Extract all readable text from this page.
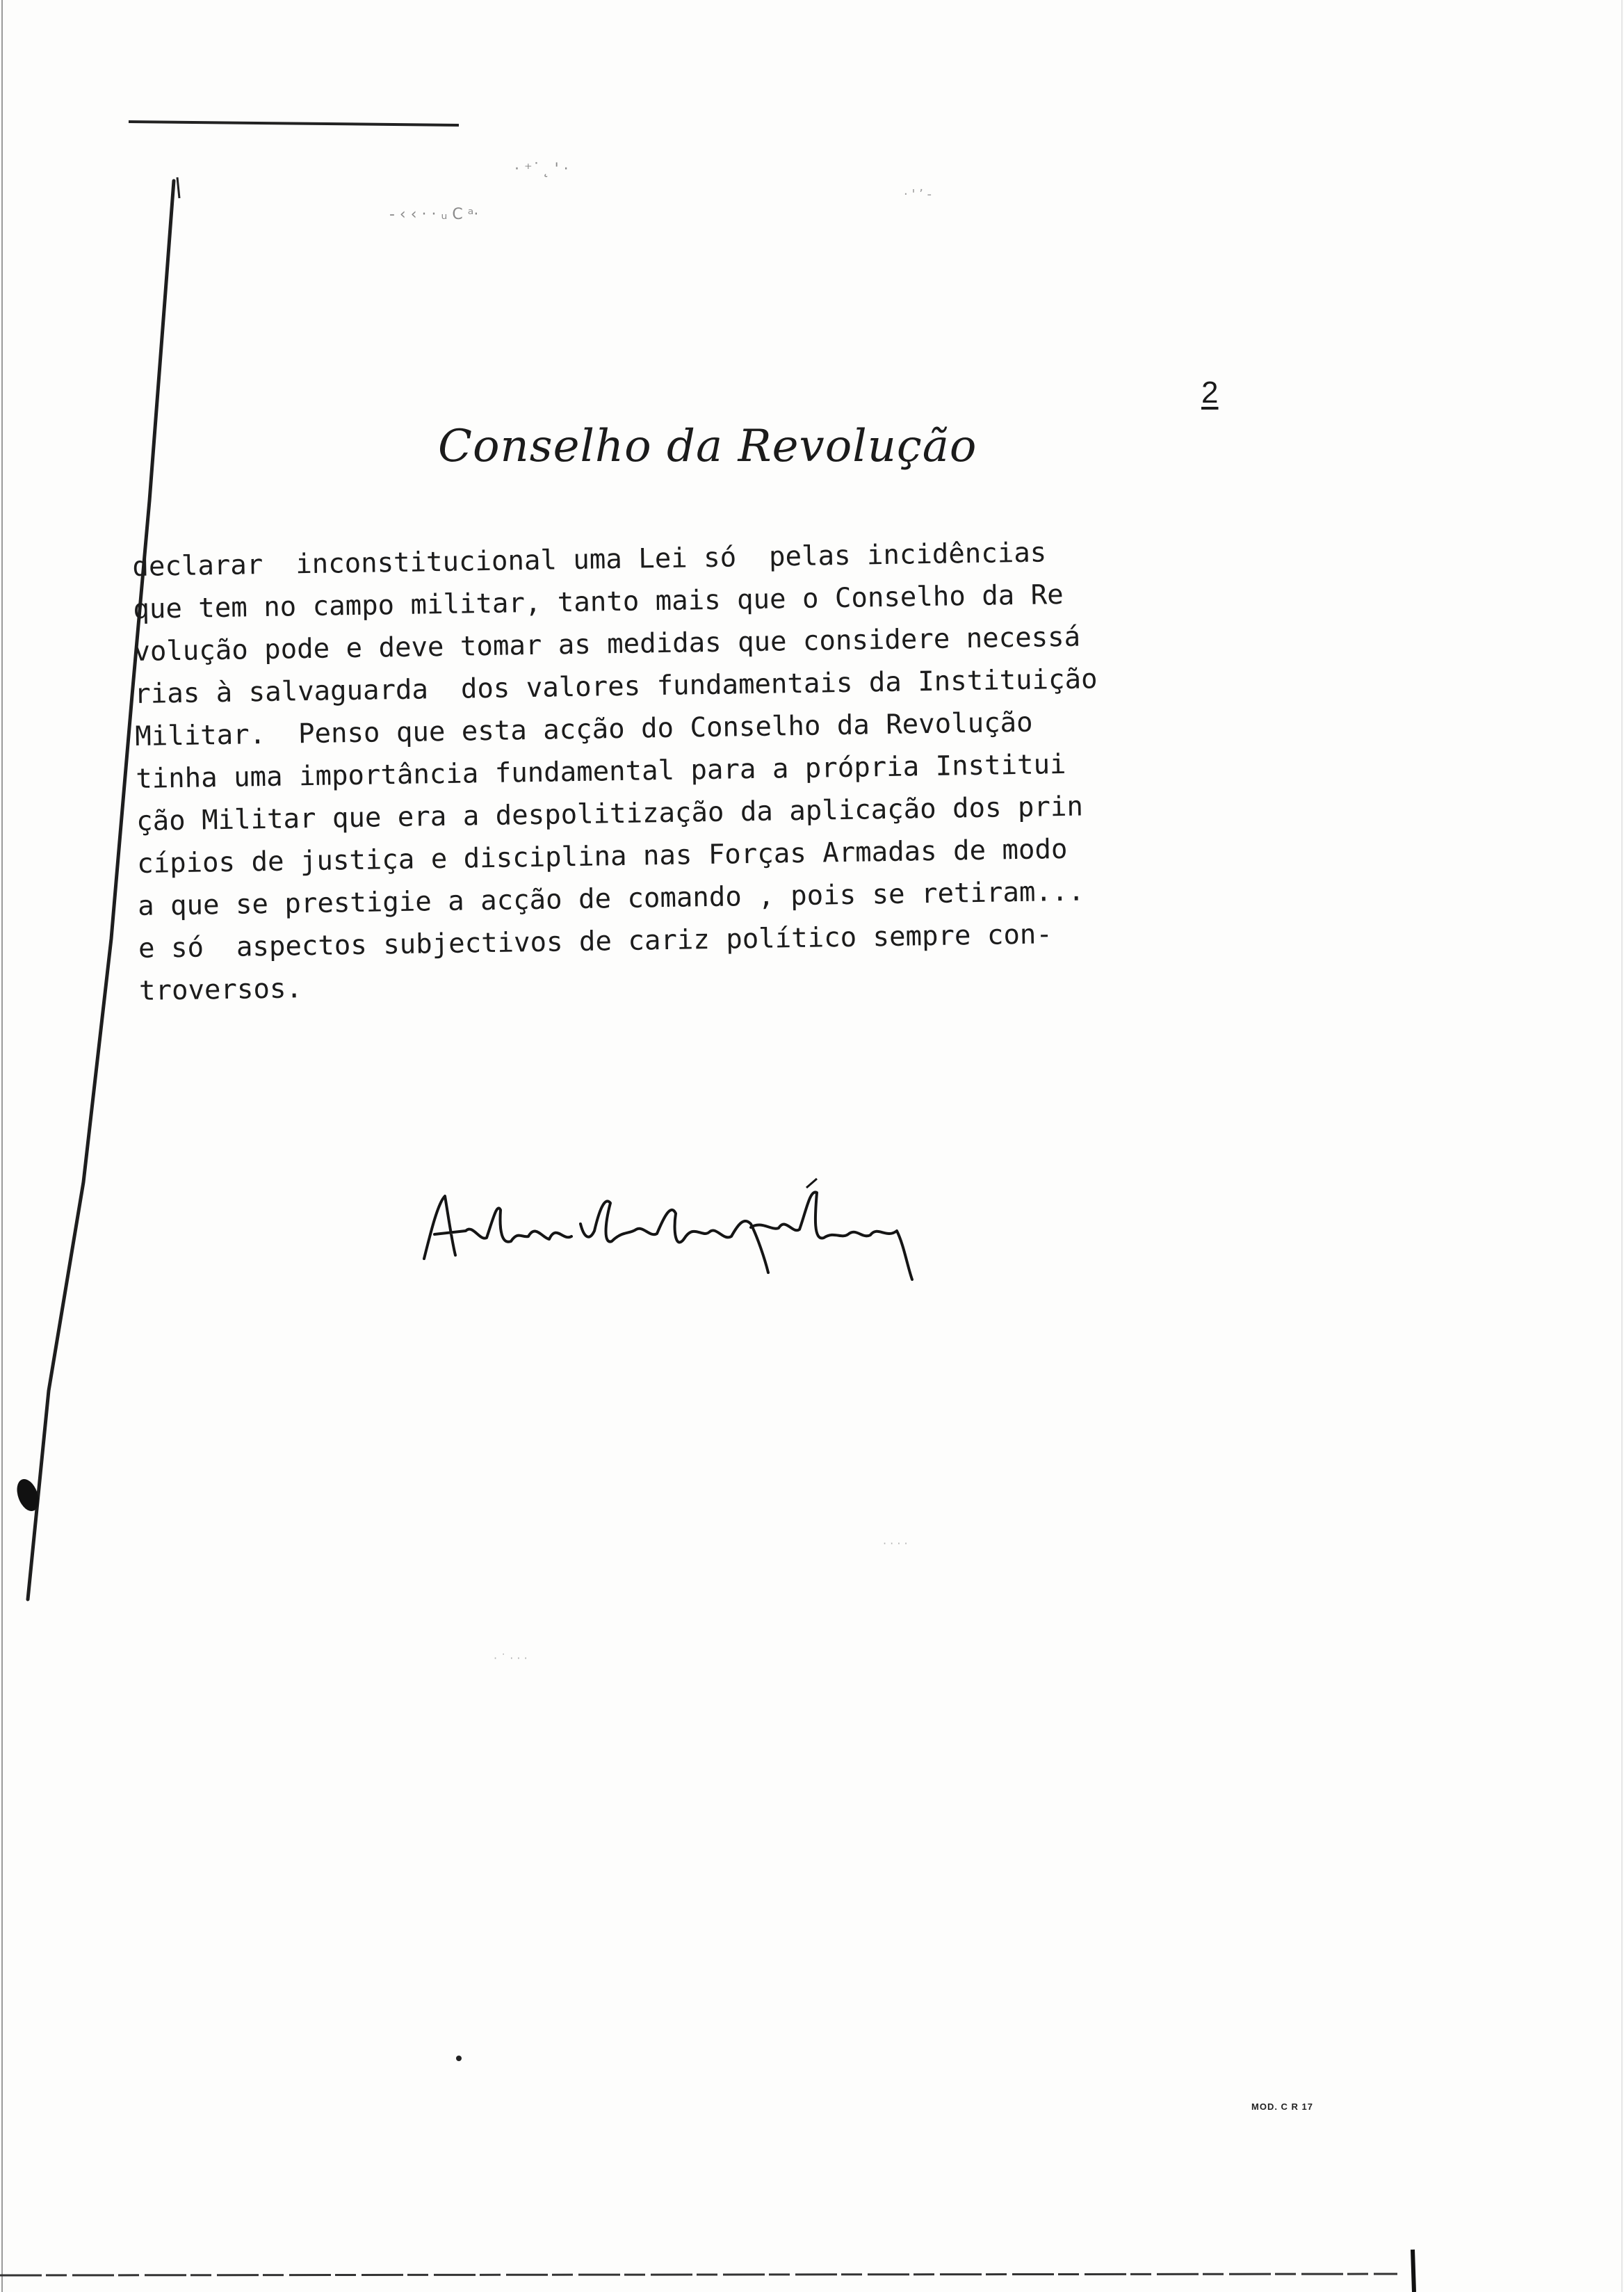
· ⁺ ͘ ˛ ' ·
- ‹ ‹ · · ᵤ C ᵃ·
· ' ʼ -
· · · ·
· ˙ · · ·
2
Conselho da Revolução
declarar  inconstitucional uma Lei só  pelas incidências
que tem no campo militar, tanto mais que o Conselho da Re
volução pode e deve tomar as medidas que considere necessá
rias à salvaguarda  dos valores fundamentais da Instituição
Militar.  Penso que esta acção do Conselho da Revolução
tinha uma importância fundamental para a própria Institui
ção Militar que era a despolitização da aplicação dos prin
cípios de justiça e disciplina nas Forças Armadas de modo
a que se prestigie a acção de comando , pois se retiram...
e só  aspectos subjectivos de cariz político sempre con-
troversos.
MOD. C R 17
